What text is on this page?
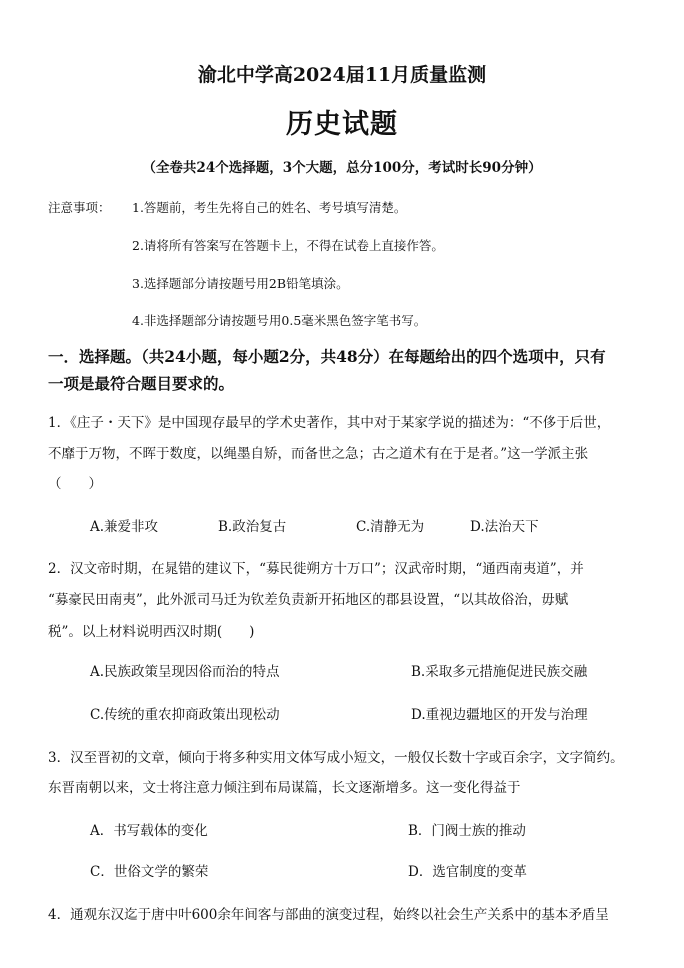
渝北中学高2024届11月质量监测
历史试题
（全卷共24个选择题，3个大题，总分100分，考试时长90分钟）
注意事项： 1.答题前，考生先将自己的姓名、考号填写清楚。
2.请将所有答案写在答题卡上，不得在试卷上直接作答。
3.选择题部分请按题号用2B铅笔填涂。
4.非选择题部分请按题号用0.5毫米黑色签字笔书写。
一．选择题。（共24小题，每小题2分，共48分）在每题给出的四个选项中，只有
一项是最符合题目要求的。
1．《庄子・天下》是中国现存最早的学术史著作，其中对于某家学说的描述为：“不侈于后世，
不靡于万物，不晖于数度，以绳墨自矫，而备世之急；古之道术有在于是者。”这一学派主张
（　　）
A.兼爱非攻	B.政治复古	C.清静无为	D.法治天下
2．汉文帝时期，在晁错的建议下，“募民徙朔方十万口”；汉武帝时期，“通西南夷道”，并
“募豪民田南夷”，此外派司马迁为钦差负责新开拓地区的郡县设置，“以其故俗治，毋赋
税”。以上材料说明西汉时期(　　)
A.民族政策呈现因俗而治的特点	B.采取多元措施促进民族交融
C.传统的重农抑商政策出现松动	D.重视边疆地区的开发与治理
3．汉至晋初的文章，倾向于将多种实用文体写成小短文，一般仅长数十字或百余字，文字简约。
东晋南朝以来，文士将注意力倾注到布局谋篇，长文逐渐增多。这一变化得益于
A．书写载体的变化	B．门阀士族的推动
C．世俗文学的繁荣	D．选官制度的变革
4．通观东汉迄于唐中叶600余年间客与部曲的演变过程，始终以社会生产关系中的基本矛盾呈
